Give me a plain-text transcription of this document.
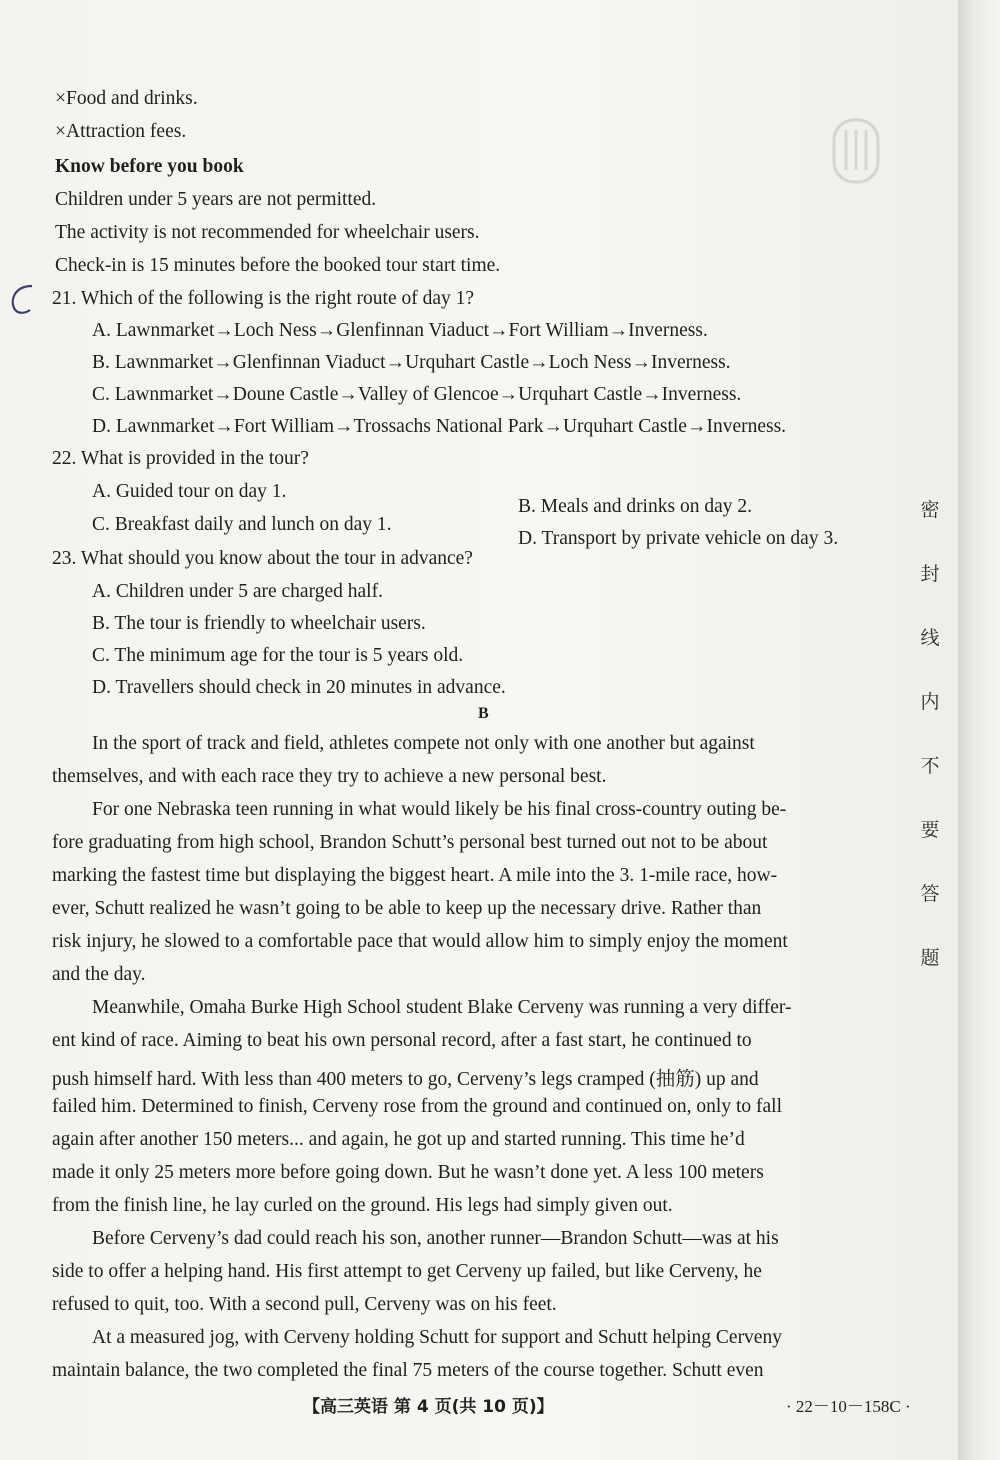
×Food and drinks.
×Attraction fees.
Know before you book
Children under 5 years are not permitted.
The activity is not recommended for wheelchair users.
Check-in is 15 minutes before the booked tour start time.
21. Which of the following is the right route of day 1?
A. Lawnmarket→Loch Ness→Glenfinnan Viaduct→Fort William→Inverness.
B. Lawnmarket→Glenfinnan Viaduct→Urquhart Castle→Loch Ness→Inverness.
C. Lawnmarket→Doune Castle→Valley of Glencoe→Urquhart Castle→Inverness.
D. Lawnmarket→Fort William→Trossachs National Park→Urquhart Castle→Inverness.
22. What is provided in the tour?
A. Guided tour on day 1.
B. Meals and drinks on day 2.
C. Breakfast daily and lunch on day 1.
D. Transport by private vehicle on day 3.
23. What should you know about the tour in advance?
A. Children under 5 are charged half.
B. The tour is friendly to wheelchair users.
C. The minimum age for the tour is 5 years old.
D. Travellers should check in 20 minutes in advance.
B
In the sport of track and field, athletes compete not only with one another but against
themselves, and with each race they try to achieve a new personal best.
For one Nebraska teen running in what would likely be his final cross-country outing be-
fore graduating from high school, Brandon Schutt’s personal best turned out not to be about
marking the fastest time but displaying the biggest heart. A mile into the 3. 1-mile race, how-
ever, Schutt realized he wasn’t going to be able to keep up the necessary drive. Rather than
risk injury, he slowed to a comfortable pace that would allow him to simply enjoy the moment
and the day.
Meanwhile, Omaha Burke High School student Blake Cerveny was running a very differ-
ent kind of race. Aiming to beat his own personal record, after a fast start, he continued to
push himself hard. With less than 400 meters to go, Cerveny’s legs cramped (抽筋) up and
failed him. Determined to finish, Cerveny rose from the ground and continued on, only to fall
again after another 150 meters... and again, he got up and started running. This time he’d
made it only 25 meters more before going down. But he wasn’t done yet. A less 100 meters
from the finish line, he lay curled on the ground. His legs had simply given out.
Before Cerveny’s dad could reach his son, another runner—Brandon Schutt—was at his
side to offer a helping hand. His first attempt to get Cerveny up failed, but like Cerveny, he
refused to quit, too. With a second pull, Cerveny was on his feet.
At a measured jog, with Cerveny holding Schutt for support and Schutt helping Cerveny
maintain balance, the two completed the final 75 meters of the course together. Schutt even
【高三英语 第 4 页(共 10 页)】	· 22－10－158C ·
密
封
线
内
不
要
答
题
